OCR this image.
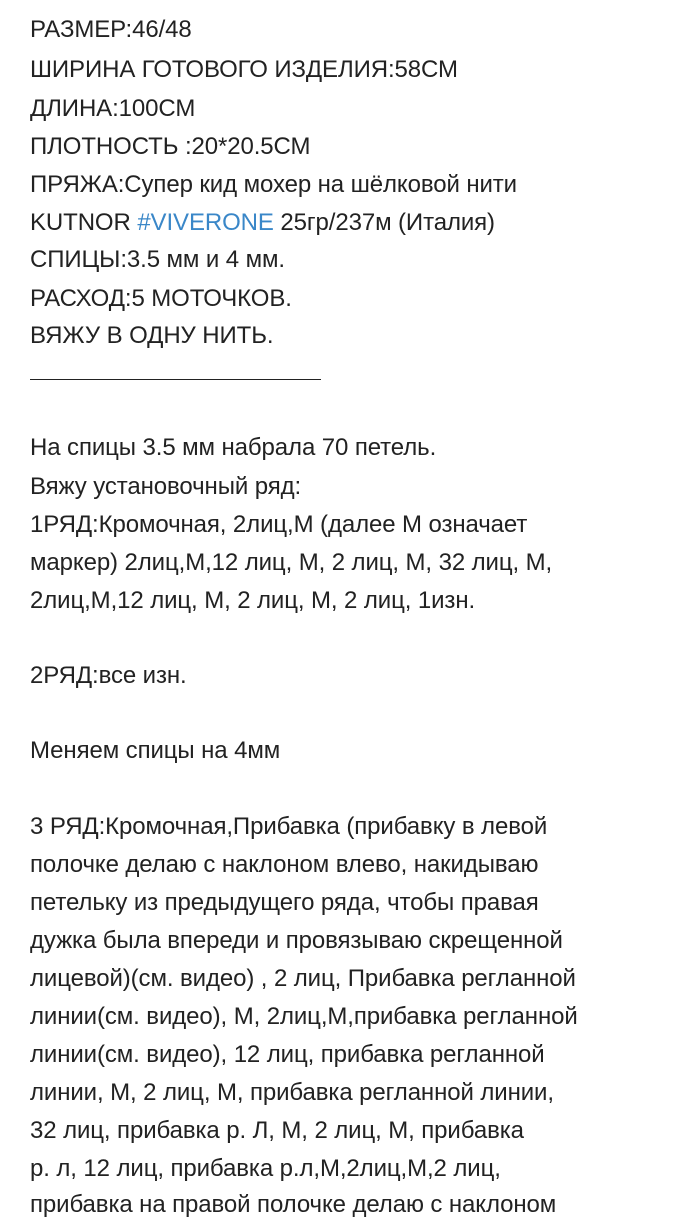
РАЗМЕР:46/48
ШИРИНА ГОТОВОГО ИЗДЕЛИЯ:58СМ
ДЛИНА:100СМ
ПЛОТНОСТЬ :20*20.5СМ
ПРЯЖА:Супер кид мохер на шёлковой нити
KUTNOR #VIVERONE 25гр/237м (Италия)
СПИЦЫ:3.5 мм и 4 мм.
РАСХОД:5 МОТОЧКОВ.
ВЯЖУ В ОДНУ НИТЬ.
На спицы 3.5 мм набрала 70 петель.
Вяжу установочный ряд:
1РЯД:Кромочная, 2лиц,М (далее М означает
маркер) 2лиц,М,12 лиц, М, 2 лиц, М, 32 лиц, М,
2лиц,М,12 лиц, М, 2 лиц, М, 2 лиц, 1изн.
2РЯД:все изн.
Меняем спицы на 4мм
3 РЯД:Кромочная,Прибавка (прибавку в левой
полочке делаю с наклоном влево, накидываю
петельку из предыдущего ряда, чтобы правая
дужка была впереди и провязываю скрещенной
лицевой)(см. видео) , 2 лиц, Прибавка регланной
линии(см. видео), М, 2лиц,М,прибавка регланной
линии(см. видео), 12 лиц, прибавка регланной
линии, М, 2 лиц, М, прибавка регланной линии,
32 лиц, прибавка р. Л, М, 2 лиц, М, прибавка
р. л, 12 лиц, прибавка р.л,М,2лиц,М,2 лиц,
прибавка на правой полочке делаю с наклоном
